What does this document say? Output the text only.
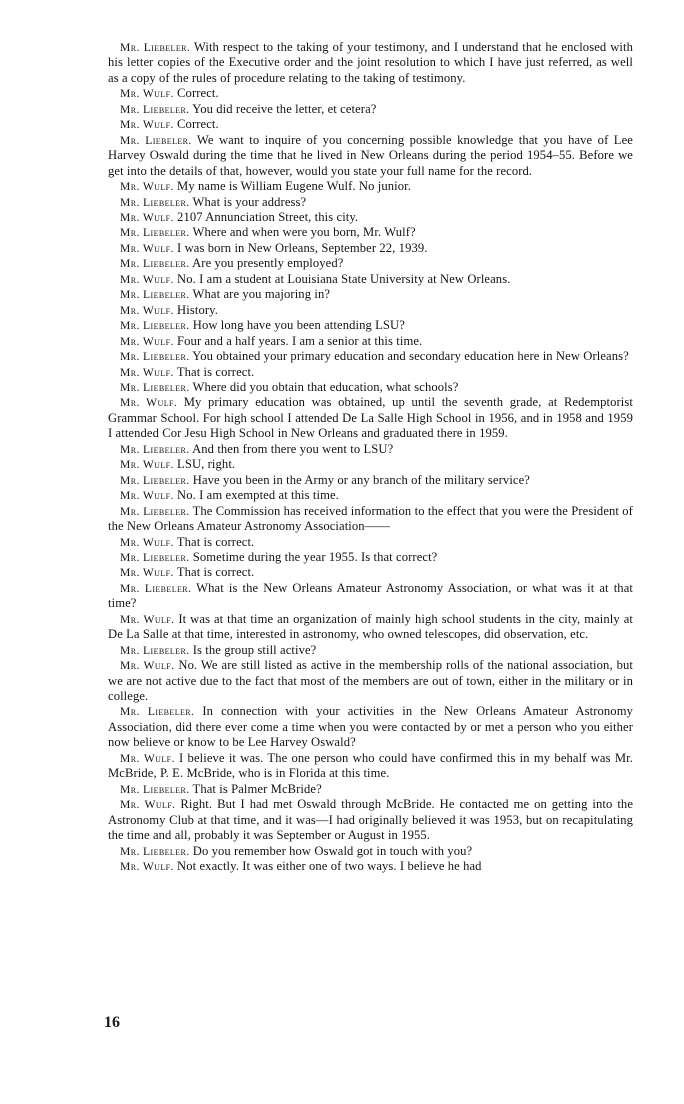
Mr. Liebeler. With respect to the taking of your testimony, and I understand that he enclosed with his letter copies of the Executive order and the joint resolution to which I have just referred, as well as a copy of the rules of procedure relating to the taking of testimony.

Mr. Wulf. Correct.

Mr. Liebeler. You did receive the letter, et cetera?

Mr. Wulf. Correct.

Mr. Liebeler. We want to inquire of you concerning possible knowledge that you have of Lee Harvey Oswald during the time that he lived in New Orleans during the period 1954–55. Before we get into the details of that, however, would you state your full name for the record.

Mr. Wulf. My name is William Eugene Wulf. No junior.

Mr. Liebeler. What is your address?

Mr. Wulf. 2107 Annunciation Street, this city.

Mr. Liebeler. Where and when were you born, Mr. Wulf?

Mr. Wulf. I was born in New Orleans, September 22, 1939.

Mr. Liebeler. Are you presently employed?

Mr. Wulf. No. I am a student at Louisiana State University at New Orleans.

Mr. Liebeler. What are you majoring in?

Mr. Wulf. History.

Mr. Liebeler. How long have you been attending LSU?

Mr. Wulf. Four and a half years. I am a senior at this time.

Mr. Liebeler. You obtained your primary education and secondary education here in New Orleans?

Mr. Wulf. That is correct.

Mr. Liebeler. Where did you obtain that education, what schools?

Mr. Wulf. My primary education was obtained, up until the seventh grade, at Redemptorist Grammar School. For high school I attended De La Salle High School in 1956, and in 1958 and 1959 I attended Cor Jesu High School in New Orleans and graduated there in 1959.

Mr. Liebeler. And then from there you went to LSU?

Mr. Wulf. LSU, right.

Mr. Liebeler. Have you been in the Army or any branch of the military service?

Mr. Wulf. No. I am exempted at this time.

Mr. Liebeler. The Commission has received information to the effect that you were the President of the New Orleans Amateur Astronomy Association——

Mr. Wulf. That is correct.

Mr. Liebeler. Sometime during the year 1955. Is that correct?

Mr. Wulf. That is correct.

Mr. Liebeler. What is the New Orleans Amateur Astronomy Association, or what was it at that time?

Mr. Wulf. It was at that time an organization of mainly high school students in the city, mainly at De La Salle at that time, interested in astronomy, who owned telescopes, did observation, etc.

Mr. Liebeler. Is the group still active?

Mr. Wulf. No. We are still listed as active in the membership rolls of the national association, but we are not active due to the fact that most of the members are out of town, either in the military or in college.

Mr. Liebeler. In connection with your activities in the New Orleans Amateur Astronomy Association, did there ever come a time when you were contacted by or met a person who you either now believe or know to be Lee Harvey Oswald?

Mr. Wulf. I believe it was. The one person who could have confirmed this in my behalf was Mr. McBride, P. E. McBride, who is in Florida at this time.

Mr. Liebeler. That is Palmer McBride?

Mr. Wulf. Right. But I had met Oswald through McBride. He contacted me on getting into the Astronomy Club at that time, and it was—I had originally believed it was 1953, but on recapitulating the time and all, probably it was September or August in 1955.

Mr. Liebeler. Do you remember how Oswald got in touch with you?

Mr. Wulf. Not exactly. It was either one of two ways. I believe he had

16
